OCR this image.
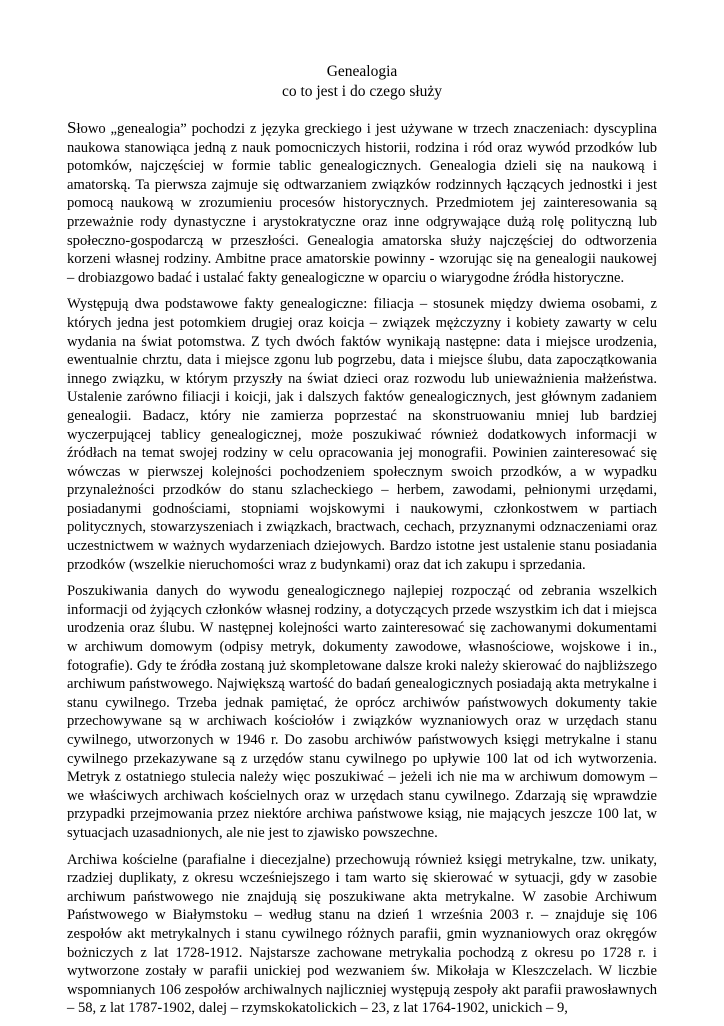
Genealogia
co to jest i do czego służy

Słowo „genealogia” pochodzi z języka greckiego i jest używane w trzech znaczeniach: dyscyplina naukowa stanowiąca jedną z nauk pomocniczych historii, rodzina i ród oraz wywód przodków lub potomków, najczęściej w formie tablic genealogicznych. Genealogia dzieli się na naukową i amatorską. Ta pierwsza zajmuje się odtwarzaniem związków rodzinnych łączących jednostki i jest pomocą naukową w zrozumieniu procesów historycznych. Przedmiotem jej zainteresowania są przeważnie rody dynastyczne i arystokratyczne oraz inne odgrywające dużą rolę polityczną lub społeczno-gospodarczą w przeszłości. Genealogia amatorska służy najczęściej do odtworzenia korzeni własnej rodziny. Ambitne prace amatorskie powinny - wzorując się na genealogii naukowej – drobiazgowo badać i ustalać fakty genealogiczne w oparciu o wiarygodne źródła historyczne.

Występują dwa podstawowe fakty genealogiczne: filiacja – stosunek między dwiema osobami, z których jedna jest potomkiem drugiej oraz koicja – związek mężczyzny i kobiety zawarty w celu wydania na świat potomstwa. Z tych dwóch faktów wynikają następne: data i miejsce urodzenia, ewentualnie chrztu, data i miejsce zgonu lub pogrzebu, data i miejsce ślubu, data zapoczątkowania innego związku, w którym przyszły na świat dzieci oraz rozwodu lub unieważnienia małżeństwa. Ustalenie zarówno filiacji i koicji, jak i dalszych faktów genealogicznych, jest głównym zadaniem genealogii. Badacz, który nie zamierza poprzestać na skonstruowaniu mniej lub bardziej wyczerpującej tablicy genealogicznej, może poszukiwać również dodatkowych informacji w źródłach na temat swojej rodziny w celu opracowania jej monografii. Powinien zainteresować się wówczas w pierwszej kolejności pochodzeniem społecznym swoich przodków, a w wypadku przynależności przodków do stanu szlacheckiego – herbem, zawodami, pełnionymi urzędami, posiadanymi godnościami, stopniami wojskowymi i naukowymi, członkostwem w partiach politycznych, stowarzyszeniach i związkach, bractwach, cechach, przyznanymi odznaczeniami oraz uczestnictwem w ważnych wydarzeniach dziejowych. Bardzo istotne jest ustalenie stanu posiadania przodków (wszelkie nieruchomości wraz z budynkami) oraz dat ich zakupu i sprzedania.

Poszukiwania danych do wywodu genealogicznego najlepiej rozpocząć od zebrania wszelkich informacji od żyjących członków własnej rodziny, a dotyczących przede wszystkim ich dat i miejsca urodzenia oraz ślubu. W następnej kolejności warto zainteresować się zachowanymi dokumentami w archiwum domowym (odpisy metryk, dokumenty zawodowe, własnościowe, wojskowe i in., fotografie). Gdy te źródła zostaną już skompletowane dalsze kroki należy skierować do najbliższego archiwum państwowego. Największą wartość do badań genealogicznych posiadają akta metrykalne i stanu cywilnego. Trzeba jednak pamiętać, że oprócz archiwów państwowych dokumenty takie przechowywane są w archiwach kościołów i związków wyznaniowych oraz w urzędach stanu cywilnego, utworzonych w 1946 r. Do zasobu archiwów państwowych księgi metrykalne i stanu cywilnego przekazywane są z urzędów stanu cywilnego po upływie 100 lat od ich wytworzenia. Metryk z ostatniego stulecia należy więc poszukiwać – jeżeli ich nie ma w archiwum domowym – we właściwych archiwach kościelnych oraz w urzędach stanu cywilnego. Zdarzają się wprawdzie przypadki przejmowania przez niektóre archiwa państwowe ksiąg, nie mających jeszcze 100 lat, w sytuacjach uzasadnionych, ale nie jest to zjawisko powszechne.

Archiwa kościelne (parafialne i diecezjalne) przechowują również księgi metrykalne, tzw. unikaty, rzadziej duplikaty, z okresu wcześniejszego i tam warto się skierować w sytuacji, gdy w zasobie archiwum państwowego nie znajdują się poszukiwane akta metrykalne. W zasobie Archiwum Państwowego w Białymstoku – według stanu na dzień 1 września 2003 r. – znajduje się 106 zespołów akt metrykalnych i stanu cywilnego różnych parafii, gmin wyznaniowych oraz okręgów bożniczych z lat 1728-1912. Najstarsze zachowane metrykalia pochodzą z okresu po 1728 r. i wytworzone zostały w parafii unickiej pod wezwaniem św. Mikołaja w Kleszczelach. W liczbie wspomnianych 106 zespołów archiwalnych najliczniej występują zespoły akt parafii prawosławnych – 58, z lat 1787-1902, dalej – rzymskokatolickich – 23, z lat 1764-1902, unickich – 9,
